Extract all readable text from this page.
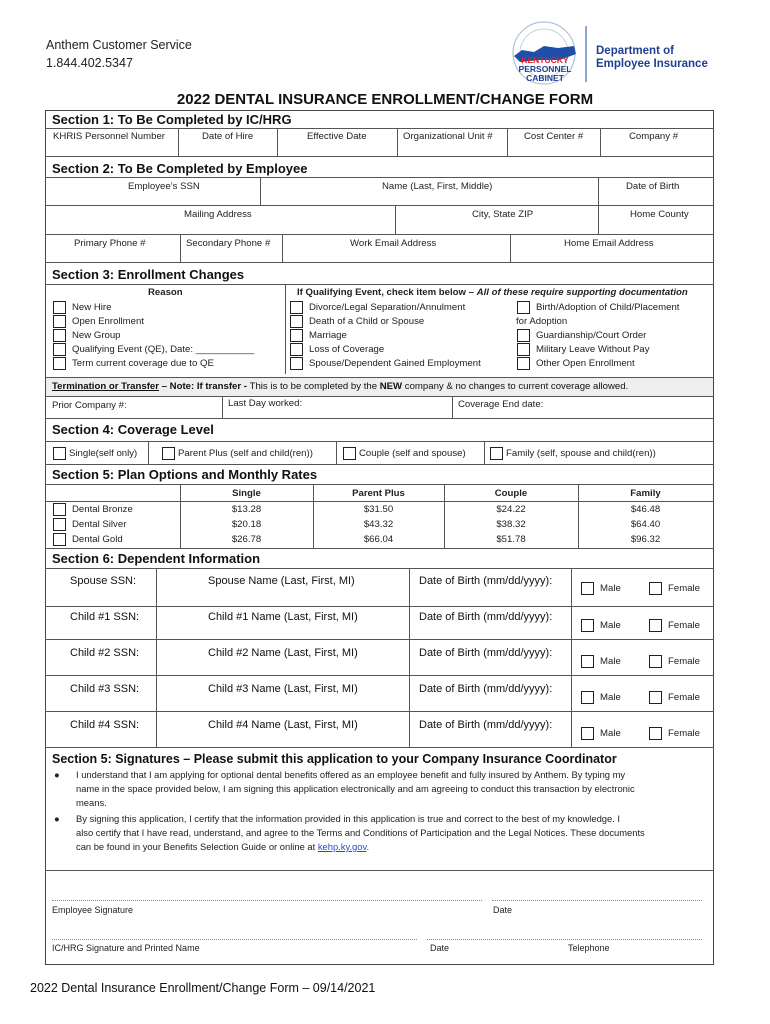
Anthem Customer Service
1.844.402.5347	KENTUCKY
PERSONNEL
CABINET
Department of
Employee Insurance
2022 DENTAL INSURANCE ENROLLMENT/CHANGE FORM
Section 1: To Be Completed by IC/HRG
KHRIS Personnel Number	Date of Hire	Effective Date	Organizational Unit #	Cost Center #	Company #
Section 2: To Be Completed by Employee
Employee’s SSN	Name (Last, First, Middle)	Date of Birth
Mailing Address	City, State ZIP	Home County
Primary Phone #	Secondary Phone #	Work Email Address	Home Email Address
Section 3: Enrollment Changes
Reason	If Qualifying Event, check item below – All of these require supporting documentation
New Hire
Open Enrollment
New Group
Qualifying Event (QE), Date: ___________
Term current coverage due to QE
Divorce/Legal Separation/Annulment
Death of a Child or Spouse
Marriage
Loss of Coverage
Spouse/Dependent Gained Employment
Birth/Adoption of Child/Placement
for Adoption
Guardianship/Court Order
Military Leave Without Pay
Other Open Enrollment
Termination or Transfer – Note: If transfer - This is to be completed by the NEW company & no changes to current coverage allowed.
Prior Company #:	Last Day worked:	Coverage End date:
Section 4: Coverage Level
Single(self only)	Parent Plus (self and child(ren))	Couple (self and spouse)	Family (self, spouse and child(ren))
Section 5: Plan Options and Monthly Rates
Single	Parent Plus	Couple	Family
Dental Bronze	$13.28	$31.50	$24.22	$46.48
Dental Silver	$20.18	$43.32	$38.32	$64.40
Dental Gold	$26.78	$66.04	$51.78	$96.32
Section 6: Dependent Information
Spouse SSN:	Spouse Name (Last, First, MI)	Date of Birth (mm/dd/yyyy):
Male	Female
Child #1 SSN:	Child #1 Name (Last, First, MI)	Date of Birth (mm/dd/yyyy):
Male	Female
Child #2 SSN:	Child #2 Name (Last, First, MI)	Date of Birth (mm/dd/yyyy):
Male	Female
Child #3 SSN:	Child #3 Name (Last, First, MI)	Date of Birth (mm/dd/yyyy):
Male	Female
Child #4 SSN:	Child #4 Name (Last, First, MI)	Date of Birth (mm/dd/yyyy):
Male	Female
Section 5: Signatures – Please submit this application to your Company Insurance Coordinator
● I understand that I am applying for optional dental benefits offered as an employee benefit and fully insured by Anthem. By typing my
name in the space provided below, I am signing this application electronically and am agreeing to conduct this transaction by electronic
means.
● By signing this application, I certify that the information provided in this application is true and correct to the best of my knowledge. I
also certify that I have read, understand, and agree to the Terms and Conditions of Participation and the Legal Notices. These documents
can be found in your Benefits Selection Guide or online at kehp.ky.gov.
Employee Signature	Date
IC/HRG Signature and Printed Name	Date	Telephone
2022 Dental Insurance Enrollment/Change Form – 09/14/2021
